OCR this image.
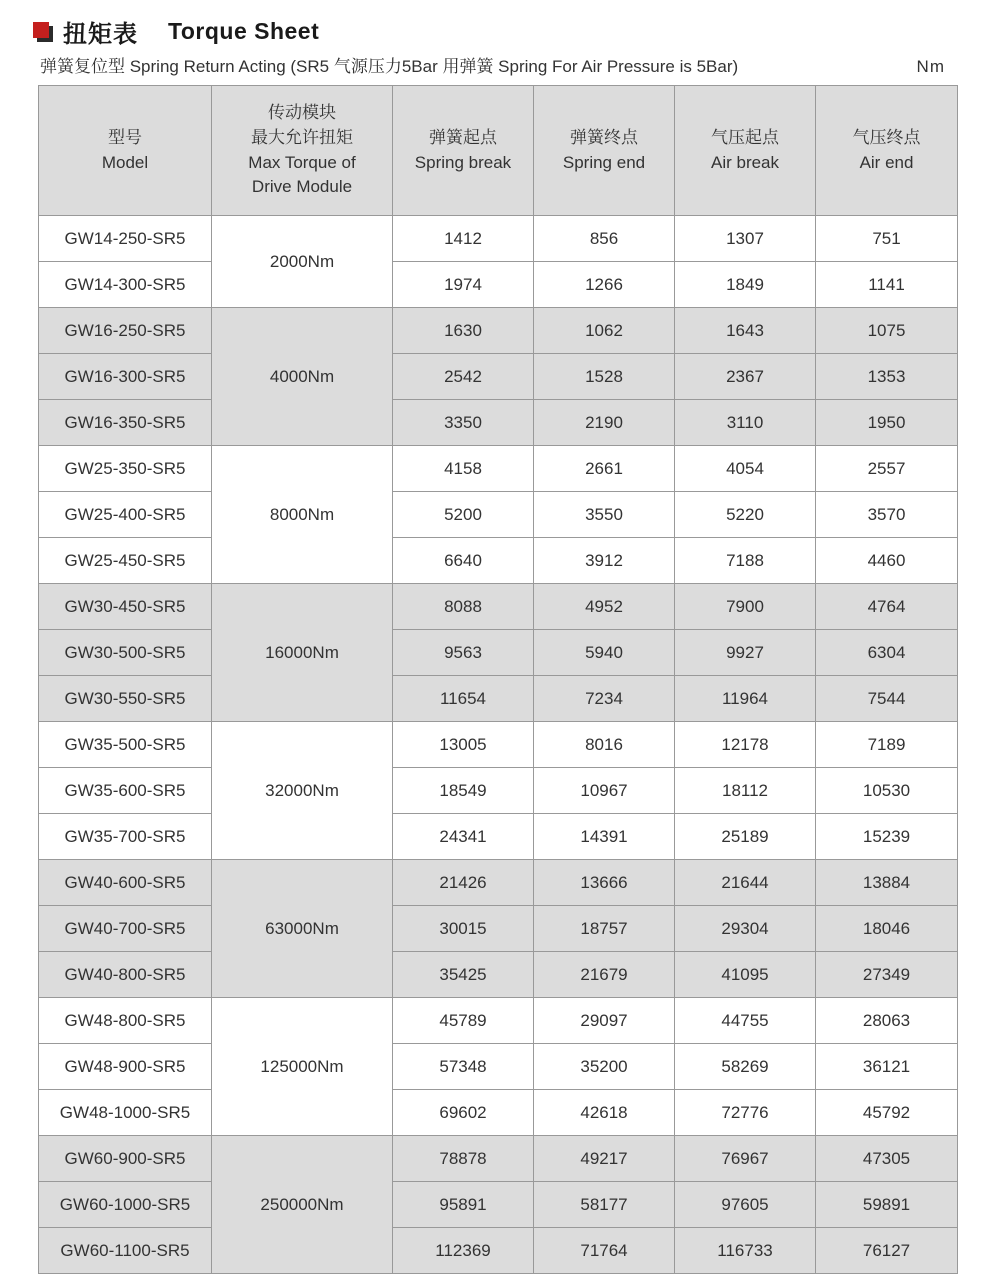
扭矩表 Torque Sheet
弹簧复位型 Spring Return Acting (SR5 气源压力5Bar 用弹簧 Spring For Air Pressure is 5Bar)	Nm
型号
Model

传动模块
最大允许扭矩
Max Torque of
Drive Module

弹簧起点
Spring break

弹簧终点
Spring end

气压起点
Air break

气压终点
Air end

GW14-250-SR5	2000Nm	1412	856	1307	751
GW14-300-SR5		1974	1266	1849	1141
GW16-250-SR5	4000Nm	1630	1062	1643	1075
GW16-300-SR5		2542	1528	2367	1353
GW16-350-SR5		3350	2190	3110	1950
GW25-350-SR5	8000Nm	4158	2661	4054	2557
GW25-400-SR5		5200	3550	5220	3570
GW25-450-SR5		6640	3912	7188	4460
GW30-450-SR5	16000Nm	8088	4952	7900	4764
GW30-500-SR5		9563	5940	9927	6304
GW30-550-SR5		11654	7234	11964	7544
GW35-500-SR5	32000Nm	13005	8016	12178	7189
GW35-600-SR5		18549	10967	18112	10530
GW35-700-SR5		24341	14391	25189	15239
GW40-600-SR5	63000Nm	21426	13666	21644	13884
GW40-700-SR5		30015	18757	29304	18046
GW40-800-SR5		35425	21679	41095	27349
GW48-800-SR5	125000Nm	45789	29097	44755	28063
GW48-900-SR5		57348	35200	58269	36121
GW48-1000-SR5		69602	42618	72776	45792
GW60-900-SR5	250000Nm	78878	49217	76967	47305
GW60-1000-SR5		95891	58177	97605	59891
GW60-1100-SR5		112369	71764	116733	76127
